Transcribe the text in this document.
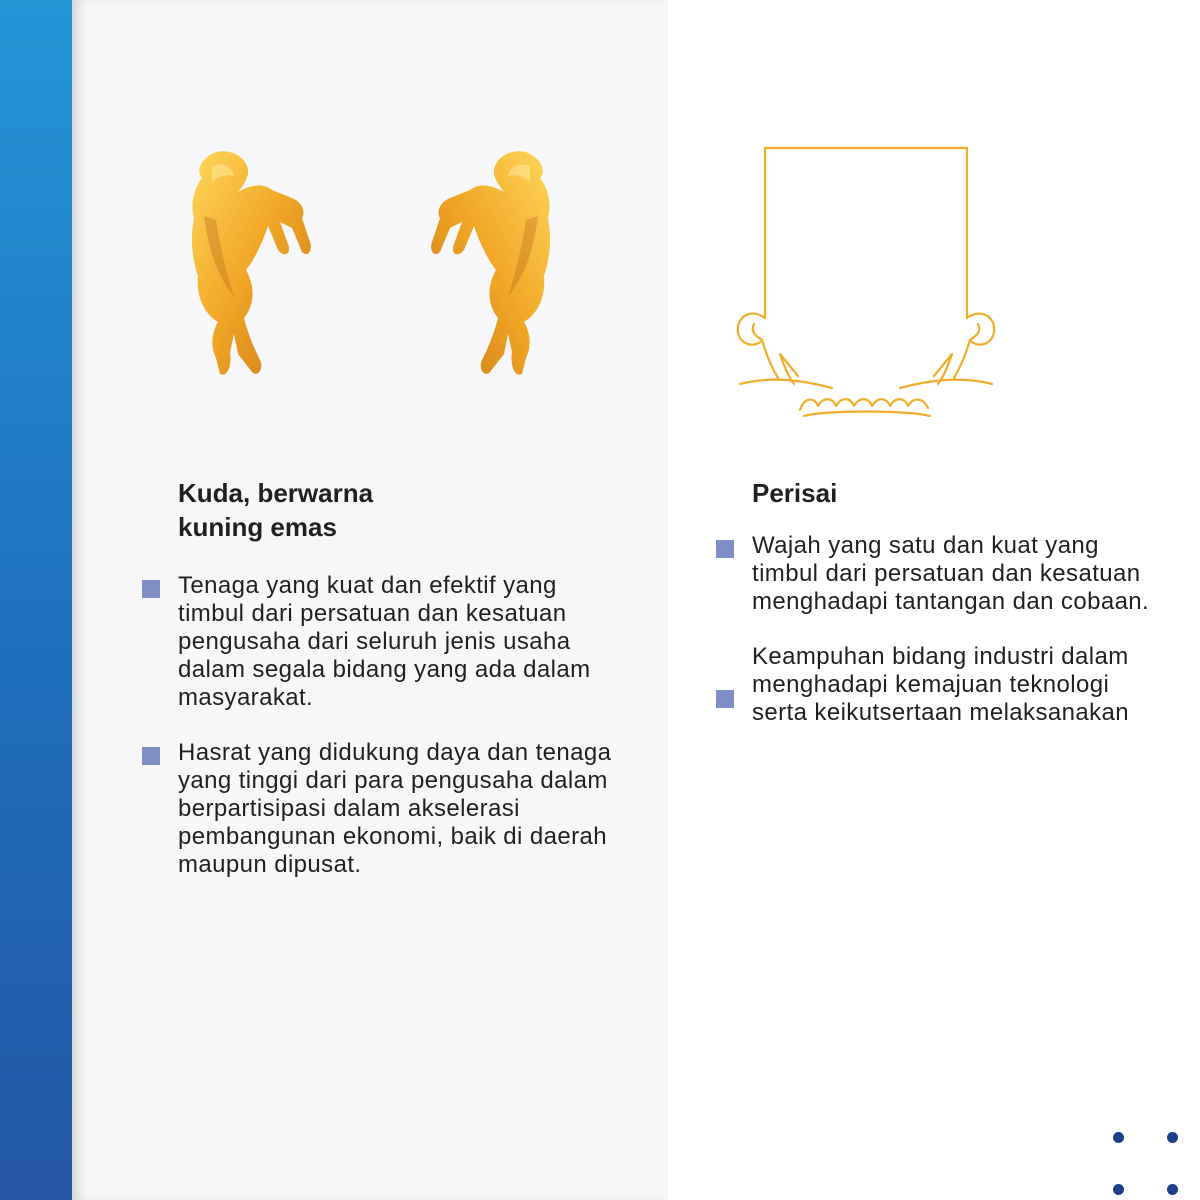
Kuda, berwarna
kuning emas
Tenaga yang kuat dan efektif yang timbul dari persatuan dan kesatuan pengusaha dari seluruh jenis usaha dalam segala bidang yang ada dalam masyarakat.
Hasrat yang didukung daya dan tenaga yang tinggi dari para pengusaha dalam berpartisipasi dalam akselerasi pembangunan ekonomi, baik di daerah maupun dipusat.
Perisai
Wajah yang satu dan kuat yang timbul dari persatuan dan kesatuan menghadapi tantangan dan cobaan.
Keampuhan bidang industri dalam menghadapi kemajuan teknologi serta keikutsertaan melaksanakan
